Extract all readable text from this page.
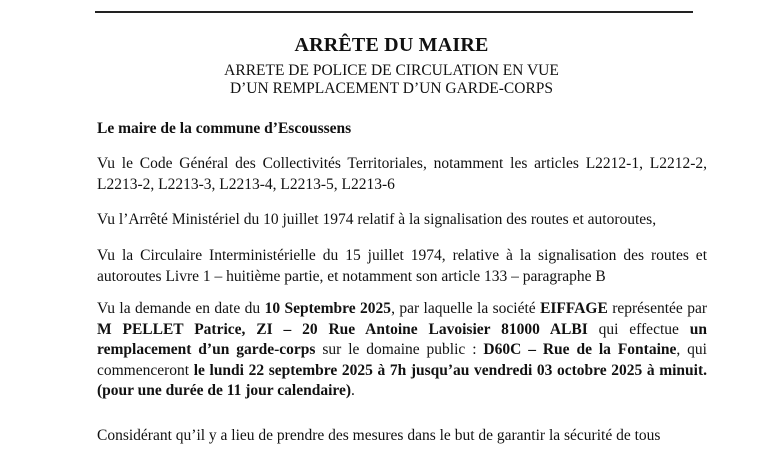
ARRÊTE DU MAIRE
ARRETE DE POLICE DE CIRCULATION EN VUE
D’UN REMPLACEMENT D’UN GARDE-CORPS
Le maire de la commune d’Escoussens
Vu le Code Général des Collectivités Territoriales, notamment les articles L2212-1, L2212-2, L2213-2, L2213-3, L2213-4, L2213-5, L2213-6
Vu l’Arrêté Ministériel du 10 juillet 1974 relatif à la signalisation des routes et autoroutes,
Vu la Circulaire Interministérielle du 15 juillet 1974, relative à la signalisation des routes et autoroutes Livre 1 – huitième partie, et notamment son article 133 – paragraphe B
Vu la demande en date du 10 Septembre 2025, par laquelle la société EIFFAGE représentée par M PELLET Patrice, ZI – 20 Rue Antoine Lavoisier 81000 ALBI qui effectue un remplacement d’un garde-corps sur le domaine public : D60C – Rue de la Fontaine, qui commenceront le lundi 22 septembre 2025 à 7h jusqu’au vendredi 03 octobre 2025 à minuit. (pour une durée de 11 jour calendaire).
Considérant qu’il y a lieu de prendre des mesures dans le but de garantir la sécurité de tous
